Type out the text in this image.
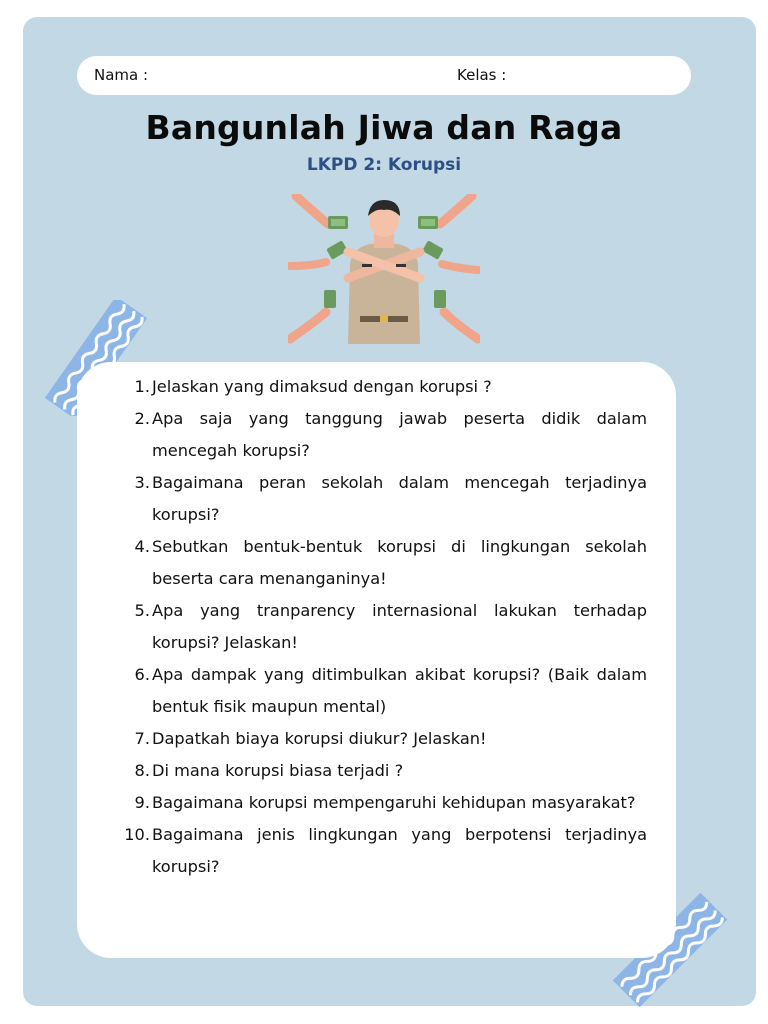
Nama :	Kelas :
Bangunlah Jiwa dan Raga
LKPD 2: Korupsi
1. Jelaskan yang dimaksud dengan korupsi ?
2. Apa saja yang tanggung jawab peserta didik dalam mencegah korupsi?
3. Bagaimana peran sekolah dalam mencegah terjadinya korupsi?
4. Sebutkan bentuk-bentuk korupsi di lingkungan sekolah beserta cara menanganinya!
5. Apa yang tranparency internasional lakukan terhadap korupsi? Jelaskan!
6. Apa dampak yang ditimbulkan akibat korupsi? (Baik dalam bentuk fisik maupun mental)
7. Dapatkah biaya korupsi diukur? Jelaskan!
8. Di mana korupsi biasa terjadi ?
9. Bagaimana korupsi mempengaruhi kehidupan masyarakat?
10. Bagaimana jenis lingkungan yang berpotensi terjadinya korupsi?
